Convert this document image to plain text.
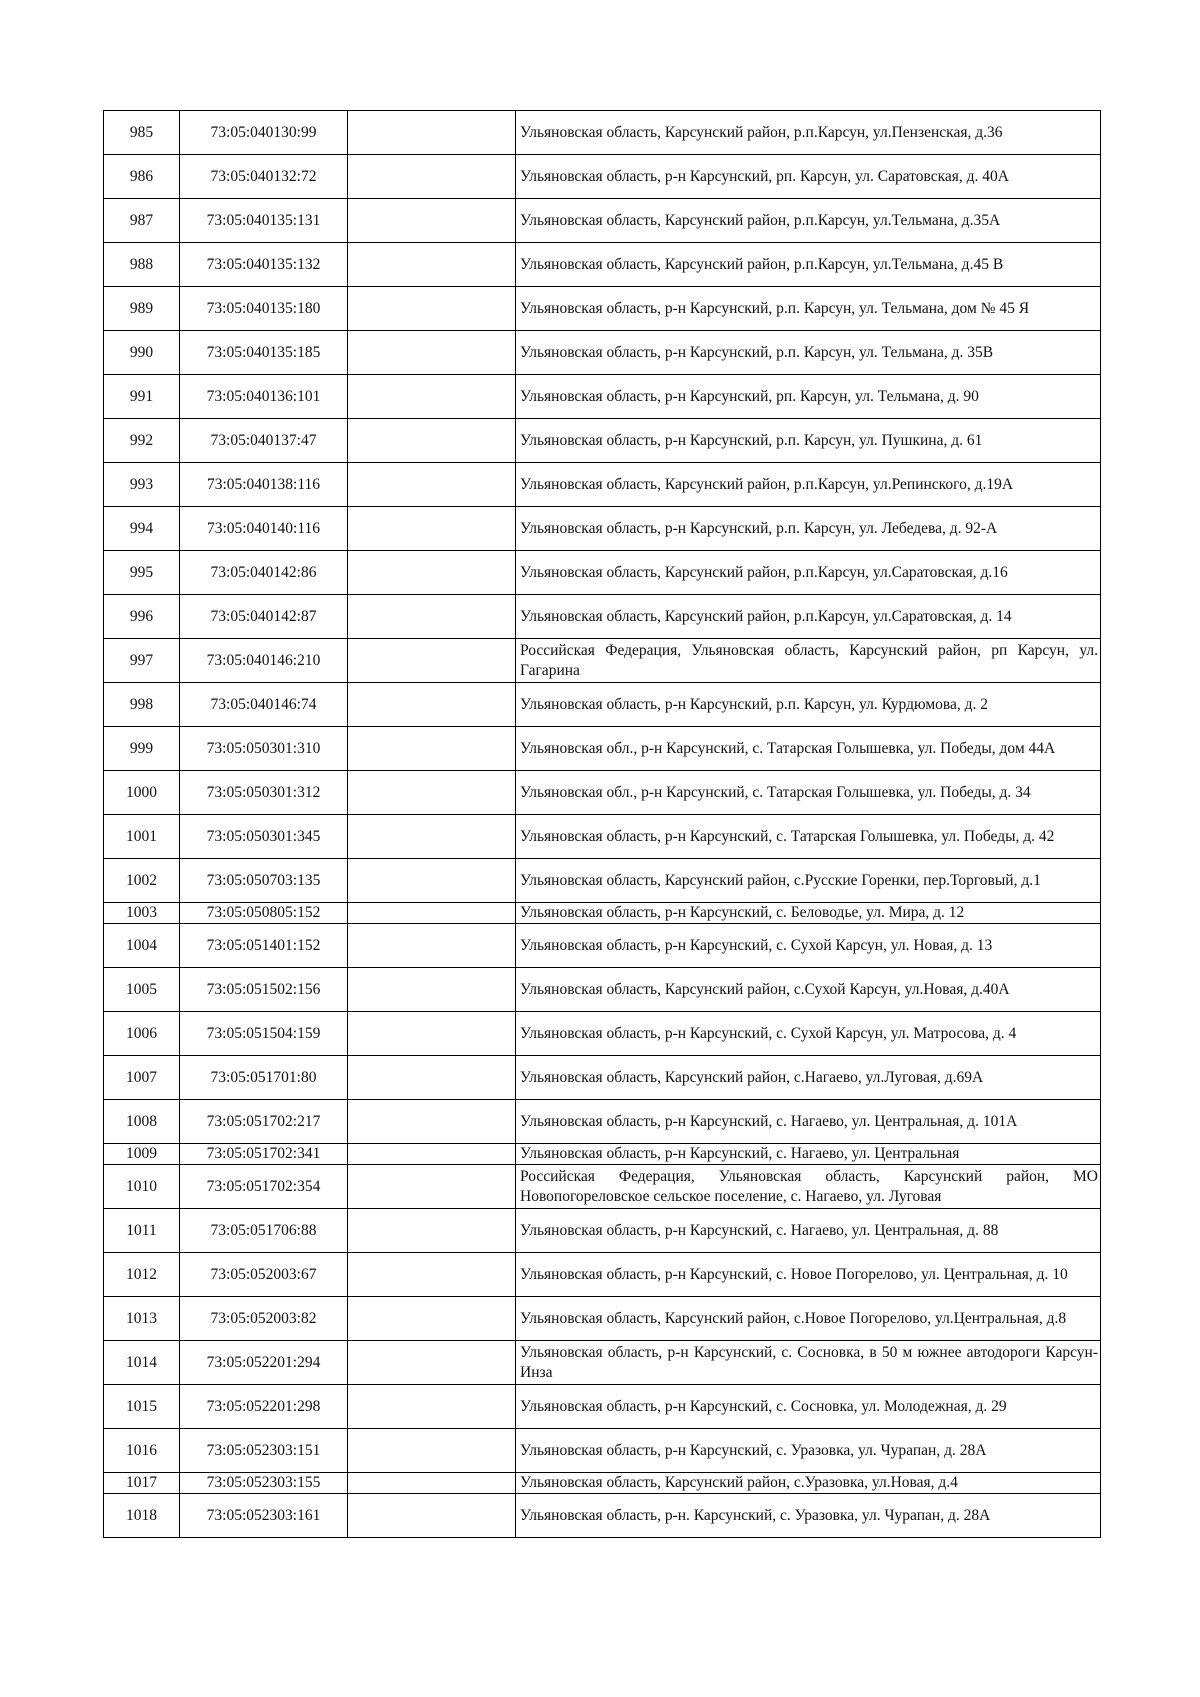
985	73:05:040130:99		Ульяновская область, Карсунский район, р.п.Карсун, ул.Пензенская, д.36
986	73:05:040132:72		Ульяновская область, р-н Карсунский, рп. Карсун, ул. Саратовская, д. 40А
987	73:05:040135:131		Ульяновская область, Карсунский район, р.п.Карсун, ул.Тельмана, д.35А
988	73:05:040135:132		Ульяновская область, Карсунский район, р.п.Карсун, ул.Тельмана, д.45 В
989	73:05:040135:180		Ульяновская область, р-н Карсунский, р.п. Карсун, ул. Тельмана, дом № 45 Я
990	73:05:040135:185		Ульяновская область, р-н Карсунский, р.п. Карсун, ул. Тельмана, д. 35В
991	73:05:040136:101		Ульяновская область, р-н Карсунский, рп. Карсун, ул. Тельмана, д. 90
992	73:05:040137:47		Ульяновская область, р-н Карсунский, р.п. Карсун, ул. Пушкина, д. 61
993	73:05:040138:116		Ульяновская область, Карсунский район, р.п.Карсун, ул.Репинского, д.19А
994	73:05:040140:116		Ульяновская область, р-н Карсунский, р.п. Карсун, ул. Лебедева, д. 92-А
995	73:05:040142:86		Ульяновская область, Карсунский район, р.п.Карсун, ул.Саратовская, д.16
996	73:05:040142:87		Ульяновская область, Карсунский район, р.п.Карсун, ул.Саратовская, д. 14
997	73:05:040146:210		Российская Федерация, Ульяновская область, Карсунский район, рп Карсун, ул. Гагарина
998	73:05:040146:74		Ульяновская область, р-н Карсунский, р.п. Карсун, ул. Курдюмова, д. 2
999	73:05:050301:310		Ульяновская обл., р-н Карсунский, с. Татарская Голышевка, ул. Победы, дом 44А
1000	73:05:050301:312		Ульяновская обл., р-н Карсунский, с. Татарская Голышевка, ул. Победы, д. 34
1001	73:05:050301:345		Ульяновская область, р-н Карсунский, с. Татарская Голышевка, ул. Победы, д. 42
1002	73:05:050703:135		Ульяновская область, Карсунский район, с.Русские Горенки, пер.Торговый, д.1
1003	73:05:050805:152		Ульяновская область, р-н Карсунский, с. Беловодье, ул. Мира, д. 12
1004	73:05:051401:152		Ульяновская область, р-н Карсунский, с. Сухой Карсун, ул. Новая, д. 13
1005	73:05:051502:156		Ульяновская область, Карсунский район, с.Сухой Карсун, ул.Новая, д.40А
1006	73:05:051504:159		Ульяновская область, р-н Карсунский, с. Сухой Карсун, ул. Матросова, д. 4
1007	73:05:051701:80		Ульяновская область, Карсунский район, с.Нагаево, ул.Луговая, д.69А
1008	73:05:051702:217		Ульяновская область, р-н Карсунский, с. Нагаево, ул. Центральная, д. 101А
1009	73:05:051702:341		Ульяновская область, р-н Карсунский, с. Нагаево, ул. Центральная
1010	73:05:051702:354		Российская Федерация, Ульяновская область, Карсунский район, МО Новопогореловское сельское поселение, с. Нагаево, ул. Луговая
1011	73:05:051706:88		Ульяновская область, р-н Карсунский, с. Нагаево, ул. Центральная, д. 88
1012	73:05:052003:67		Ульяновская область, р-н Карсунский, с. Новое Погорелово, ул. Центральная, д. 10
1013	73:05:052003:82		Ульяновская область, Карсунский район, с.Новое Погорелово, ул.Центральная, д.8
1014	73:05:052201:294		Ульяновская область, р-н Карсунский, с. Сосновка, в 50 м южнее автодороги Карсун-Инза
1015	73:05:052201:298		Ульяновская область, р-н Карсунский, с. Сосновка, ул. Молодежная, д. 29
1016	73:05:052303:151		Ульяновская область, р-н Карсунский, с. Уразовка, ул. Чурапан, д. 28А
1017	73:05:052303:155		Ульяновская область, Карсунский район, с.Уразовка, ул.Новая, д.4
1018	73:05:052303:161		Ульяновская область, р-н. Карсунский, с. Уразовка, ул. Чурапан, д. 28А
